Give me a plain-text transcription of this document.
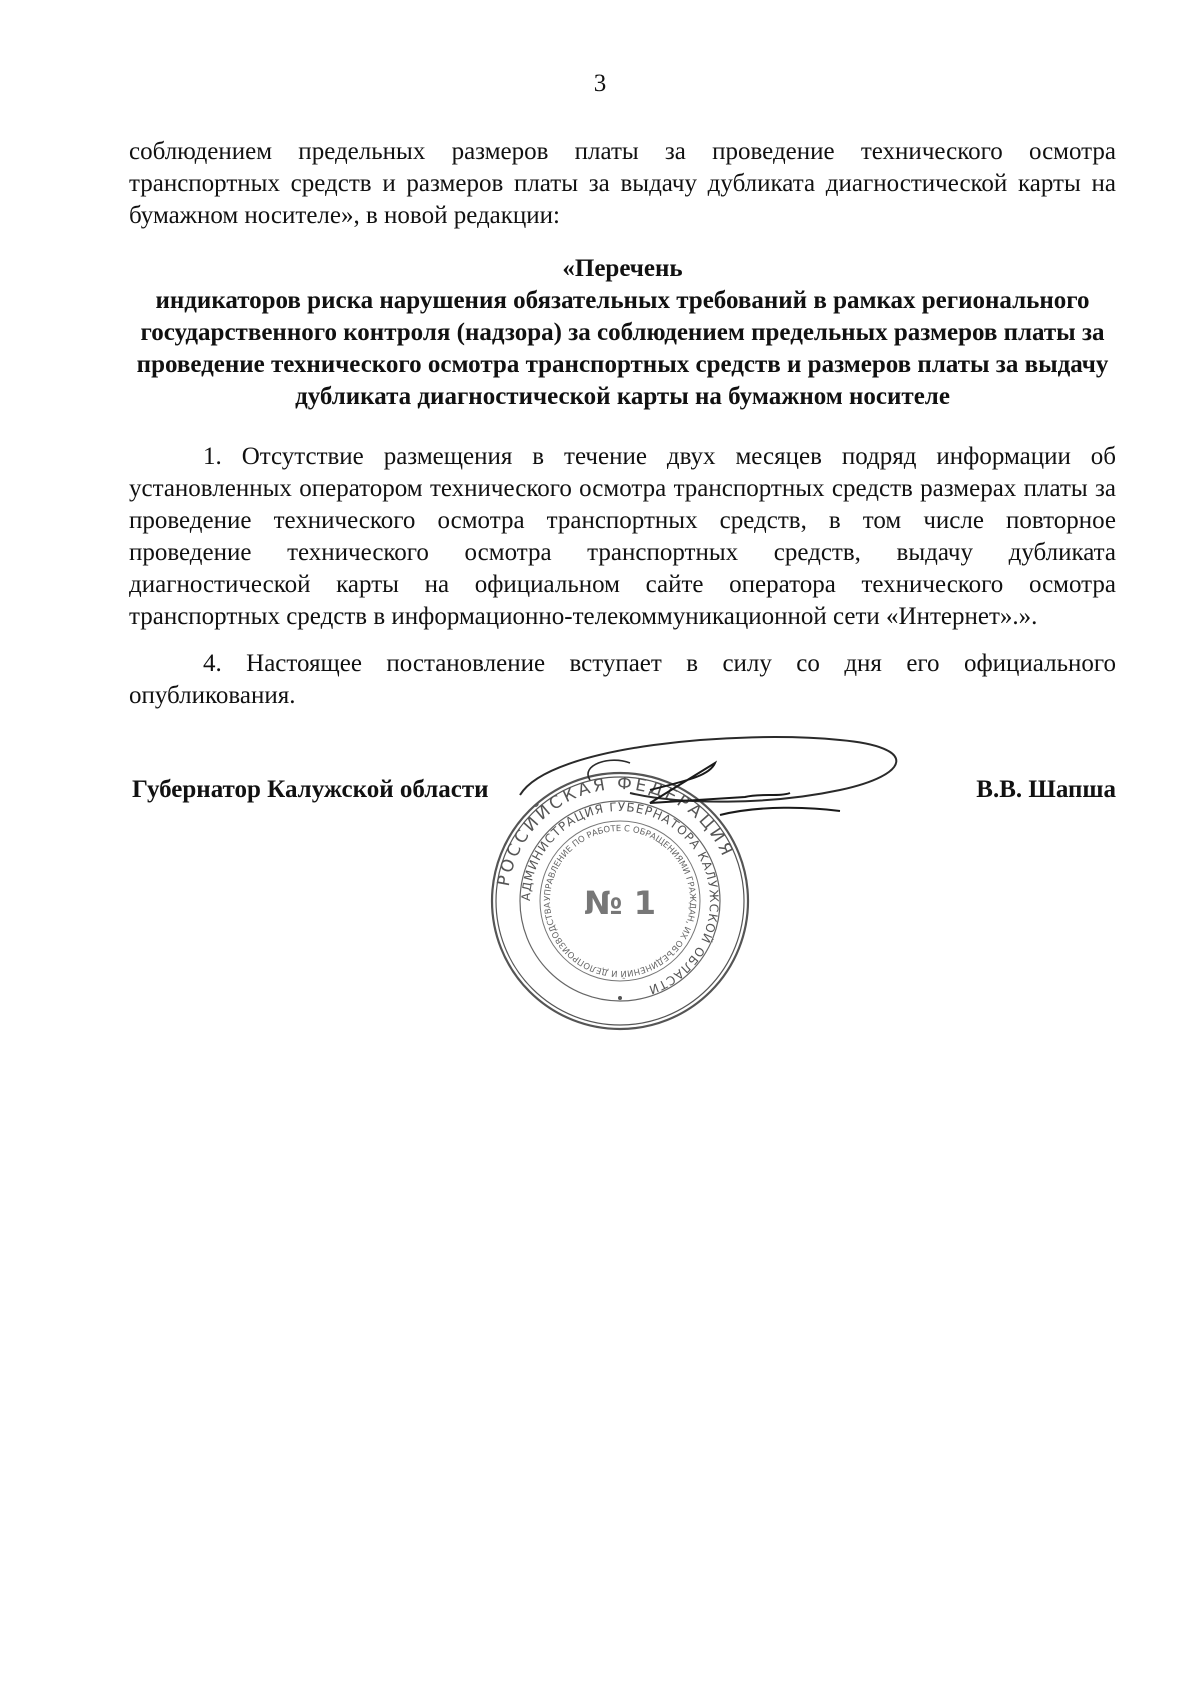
3
соблюдением предельных размеров платы за проведение технического осмотра транспортных средств и размеров платы за выдачу дубликата диагностической карты на бумажном носителе», в новой редакции:
«Перечень
индикаторов риска нарушения обязательных требований в рамках регионального государственного контроля (надзора) за соблюдением предельных размеров платы за проведение технического осмотра транспортных средств и размеров платы за выдачу дубликата диагностической карты на бумажном носителе
1. Отсутствие размещения в течение двух месяцев подряд информации об установленных оператором технического осмотра транспортных средств размерах платы за проведение технического осмотра транспортных средств, в том числе повторное проведение технического осмотра транспортных средств, выдачу дубликата диагностической карты на официальном сайте оператора технического осмотра транспортных средств в информационно-телекоммуникационной сети «Интернет».».
4. Настоящее постановление вступает в силу со дня его официального опубликования.
РОССИЙСКАЯ ФЕДЕРАЦИЯ
АДМИНИСТРАЦИЯ ГУБЕРНАТОРА КАЛУЖСКОЙ ОБЛАСТИ
УПРАВЛЕНИЕ ПО РАБОТЕ С ОБРАЩЕНИЯМИ ГРАЖДАН, ИХ ОБЪЕДИНЕНИЙ И ДЕЛОПРОИЗВОДСТВА № 1
Губернатор Калужской области	В.В. Шапша
